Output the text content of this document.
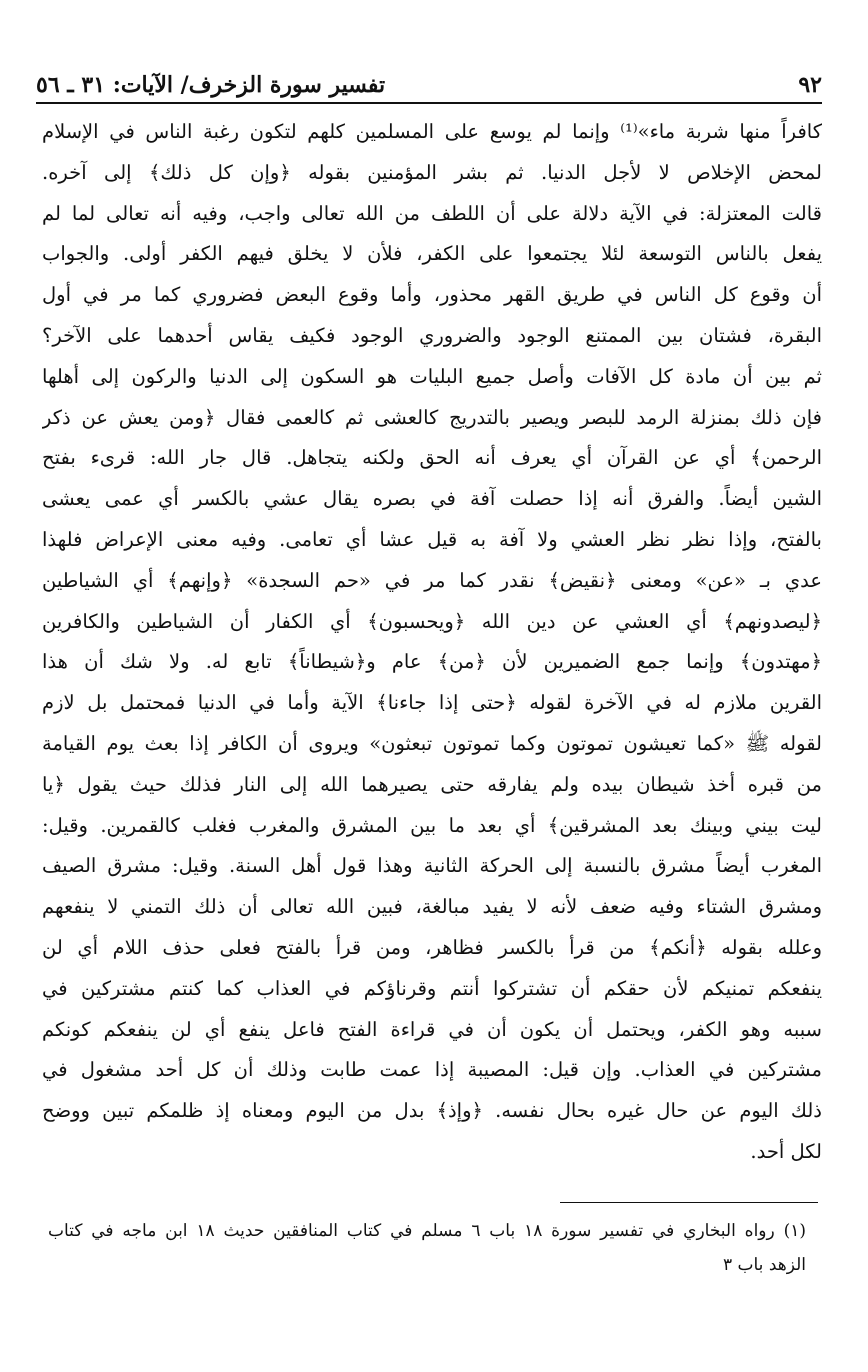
٩٢
تفسير سورة الزخرف/ الآيات: ٣١ ـ ٥٦
كافراً منها شربة ماء»⁽¹⁾ وإنما لم يوسع على المسلمين كلهم لتكون رغبة الناس في الإسلام
لمحض الإخلاص لا لأجل الدنيا. ثم بشر المؤمنين بقوله ﴿وإن كل ذلك﴾ إلى آخره.
قالت المعتزلة: في الآية دلالة على أن اللطف من الله تعالى واجب، وفيه أنه تعالى لما لم
يفعل بالناس التوسعة لئلا يجتمعوا على الكفر، فلأن لا يخلق فيهم الكفر أولى. والجواب
أن وقوع كل الناس في طريق القهر محذور، وأما وقوع البعض فضروري كما مر في أول
البقرة، فشتان بين الممتنع الوجود والضروري الوجود فكيف يقاس أحدهما على الآخر؟
ثم بين أن مادة كل الآفات وأصل جميع البليات هو السكون إلى الدنيا والركون إلى أهلها
فإن ذلك بمنزلة الرمد للبصر ويصير بالتدريج كالعشى ثم كالعمى فقال ﴿ومن يعش عن ذكر
الرحمن﴾ أي عن القرآن أي يعرف أنه الحق ولكنه يتجاهل. قال جار الله: قرىء بفتح
الشين أيضاً. والفرق أنه إذا حصلت آفة في بصره يقال عشي بالكسر أي عمى يعشى
بالفتح، وإذا نظر نظر العشي ولا آفة به قيل عشا أي تعامى. وفيه معنى الإعراض فلهذا
عدي بـ «عن» ومعنى ﴿نقيض﴾ نقدر كما مر في «حم السجدة» ﴿وإنهم﴾ أي الشياطين
﴿ليصدونهم﴾ أي العشي عن دين الله ﴿ويحسبون﴾ أي الكفار أن الشياطين والكافرين
﴿مهتدون﴾ وإنما جمع الضميرين لأن ﴿من﴾ عام و﴿شيطاناً﴾ تابع له. ولا شك أن هذا
القرين ملازم له في الآخرة لقوله ﴿حتى إذا جاءنا﴾ الآية وأما في الدنيا فمحتمل بل لازم
لقوله ﷺ «كما تعيشون تموتون وكما تموتون تبعثون» ويروى أن الكافر إذا بعث يوم القيامة
من قبره أخذ شيطان بيده ولم يفارقه حتى يصيرهما الله إلى النار فذلك حيث يقول ﴿يا
ليت بيني وبينك بعد المشرقين﴾ أي بعد ما بين المشرق والمغرب فغلب كالقمرين. وقيل:
المغرب أيضاً مشرق بالنسبة إلى الحركة الثانية وهذا قول أهل السنة. وقيل: مشرق الصيف
ومشرق الشتاء وفيه ضعف لأنه لا يفيد مبالغة، فبين الله تعالى أن ذلك التمني لا ينفعهم
وعلله بقوله ﴿أنكم﴾ من قرأ بالكسر فظاهر، ومن قرأ بالفتح فعلى حذف اللام أي لن
ينفعكم تمنيكم لأن حقكم أن تشتركوا أنتم وقرناؤكم في العذاب كما كنتم مشتركين في
سببه وهو الكفر، ويحتمل أن يكون أن في قراءة الفتح فاعل ينفع أي لن ينفعكم كونكم
مشتركين في العذاب. وإن قيل: المصيبة إذا عمت طابت وذلك أن كل أحد مشغول في
ذلك اليوم عن حال غيره بحال نفسه. ﴿وإذ﴾ بدل من اليوم ومعناه إذ ظلمكم تبين ووضح
لكل أحد.
(١) رواه البخاري في تفسير سورة ١٨ باب ٦ مسلم في كتاب المنافقين حديث ١٨ ابن ماجه في كتاب
الزهد باب ٣
